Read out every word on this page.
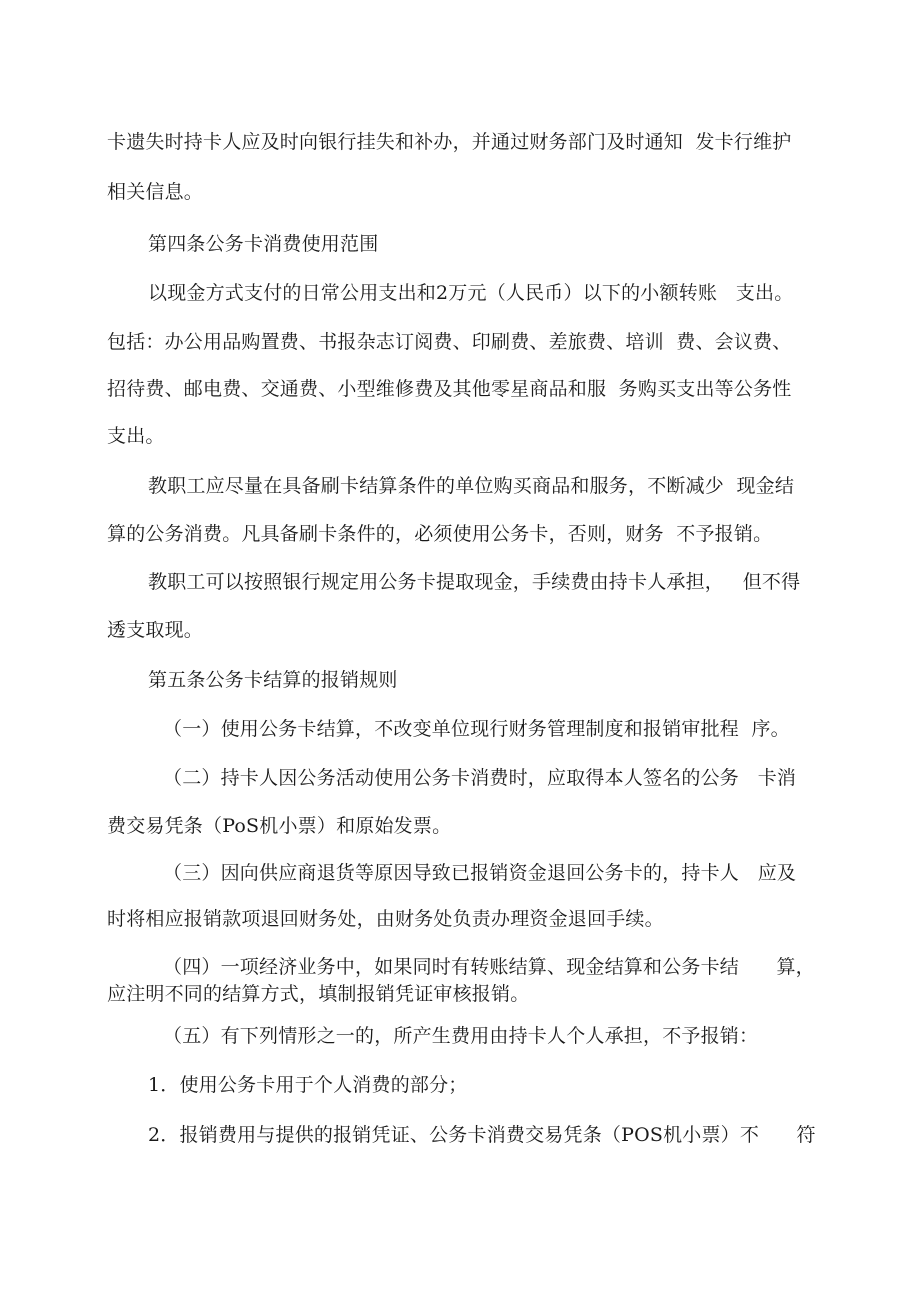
卡遗失时持卡人应及时向银行挂失和补办，并通过财务部门及时通知  发卡行维护
相关信息。
第四条公务卡消费使用范围
以现金方式支付的日常公用支出和2万元（人民币）以下的小额转账   支出。
包括：办公用品购置费、书报杂志订阅费、印刷费、差旅费、培训  费、会议费、
招待费、邮电费、交通费、小型维修费及其他零星商品和服  务购买支出等公务性
支出。
教职工应尽量在具备刷卡结算条件的单位购买商品和服务，不断减少  现金结
算的公务消费。凡具备刷卡条件的，必须使用公务卡，否则，财务  不予报销。
教职工可以按照银行规定用公务卡提取现金，手续费由持卡人承担，   但不得
透支取现。
第五条公务卡结算的报销规则
（一）使用公务卡结算，不改变单位现行财务管理制度和报销审批程  序。
（二）持卡人因公务活动使用公务卡消费时，应取得本人签名的公务   卡消
费交易凭条（PoS机小票）和原始发票。
（三）因向供应商退货等原因导致已报销资金退回公务卡的，持卡人   应及
时将相应报销款项退回财务处，由财务处负责办理资金退回手续。
（四）一项经济业务中，如果同时有转账结算、现金结算和公务卡结      算，
应注明不同的结算方式，填制报销凭证审核报销。
（五）有下列情形之一的，所产生费用由持卡人个人承担，不予报销：
1．使用公务卡用于个人消费的部分；
2．报销费用与提供的报销凭证、公务卡消费交易凭条（POS机小票）不      符
